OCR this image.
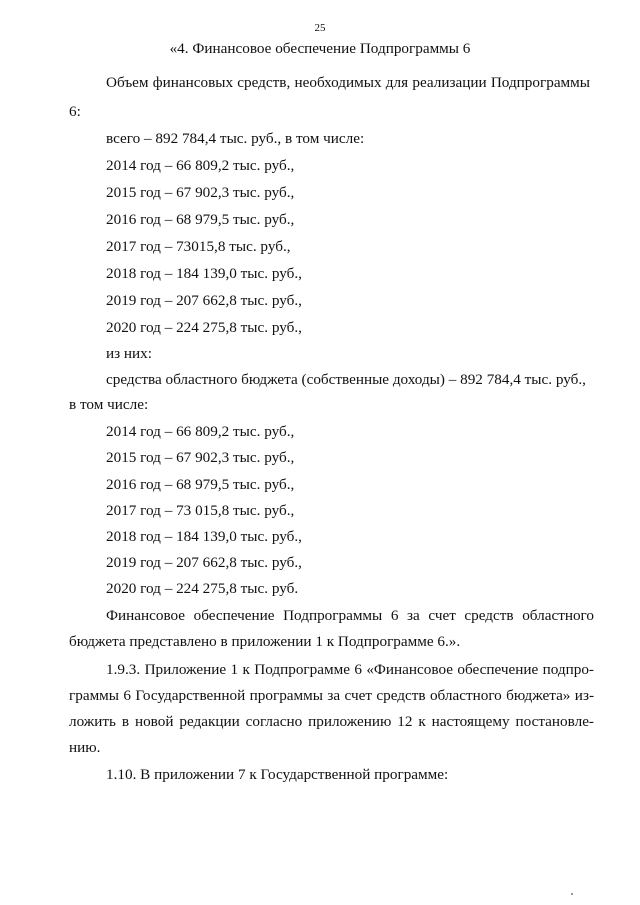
25
«4. Финансовое обеспечение Подпрограммы 6
Объем финансовых средств, необходимых для реализации Подпрограммы
6:
всего – 892 784,4 тыс. руб., в том числе:
2014 год – 66 809,2 тыс. руб.,
2015 год – 67 902,3 тыс. руб.,
2016 год – 68 979,5 тыс. руб.,
2017 год – 73015,8 тыс. руб.,
2018 год – 184 139,0 тыс. руб.,
2019 год – 207 662,8 тыс. руб.,
2020 год – 224 275,8 тыс. руб.,
из них:
средства областного бюджета (собственные доходы) – 892 784,4 тыс. руб.,
в том числе:
2014 год – 66 809,2 тыс. руб.,
2015 год – 67 902,3 тыс. руб.,
2016 год – 68 979,5 тыс. руб.,
2017 год – 73 015,8 тыс. руб.,
2018 год – 184 139,0 тыс. руб.,
2019 год – 207 662,8 тыс. руб.,
2020 год – 224 275,8 тыс. руб.
Финансовое обеспечение Подпрограммы 6 за счет средств областного
бюджета представлено в приложении 1 к Подпрограмме 6.».
1.9.3. Приложение 1 к Подпрограмме 6 «Финансовое обеспечение подпро-
граммы 6 Государственной программы за счет средств областного бюджета» из-
ложить в новой редакции согласно приложению 12 к настоящему постановле-
нию.
1.10. В приложении 7 к Государственной программе:
